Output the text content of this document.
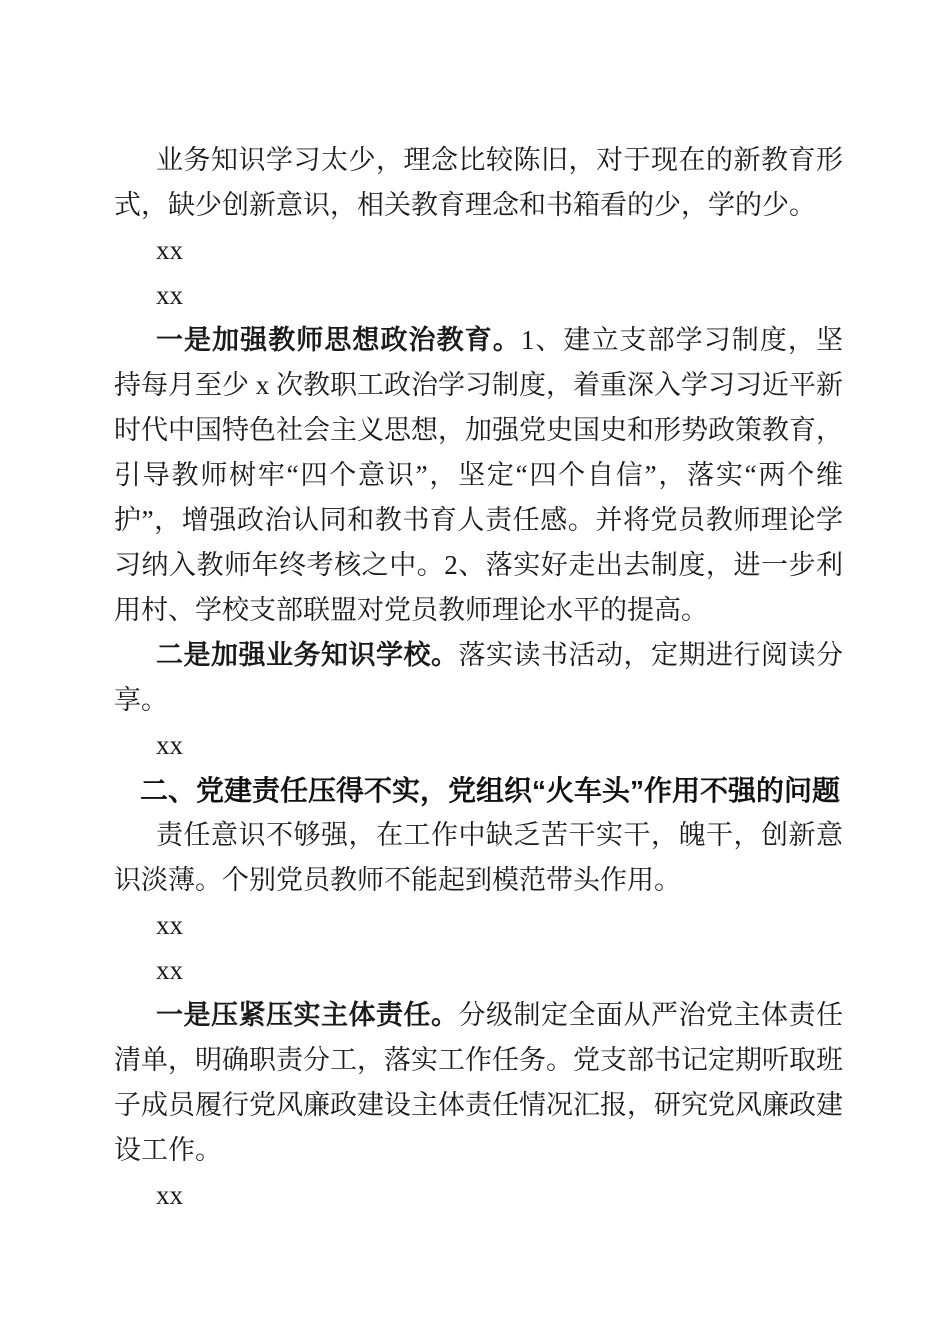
业务知识学习太少，理念比较陈旧，对于现在的新教育形式，缺少创新意识，相关教育理念和书箱看的少，学的少。

xx

xx

一是加强教师思想政治教育。1、建立支部学习制度，坚持每月至少 x 次教职工政治学习制度，着重深入学习习近平新时代中国特色社会主义思想，加强党史国史和形势政策教育，引导教师树牢“四个意识”，坚定“四个自信”，落实“两个维护”，增强政治认同和教书育人责任感。并将党员教师理论学习纳入教师年终考核之中。2、落实好走出去制度，进一步利用村、学校支部联盟对党员教师理论水平的提高。

二是加强业务知识学校。落实读书活动，定期进行阅读分享。

xx

二、党建责任压得不实，党组织“火车头”作用不强的问题

责任意识不够强，在工作中缺乏苦干实干，魄干，创新意识淡薄。个别党员教师不能起到模范带头作用。

xx

xx

一是压紧压实主体责任。分级制定全面从严治党主体责任清单，明确职责分工，落实工作任务。党支部书记定期听取班子成员履行党风廉政建设主体责任情况汇报，研究党风廉政建设工作。

xx
